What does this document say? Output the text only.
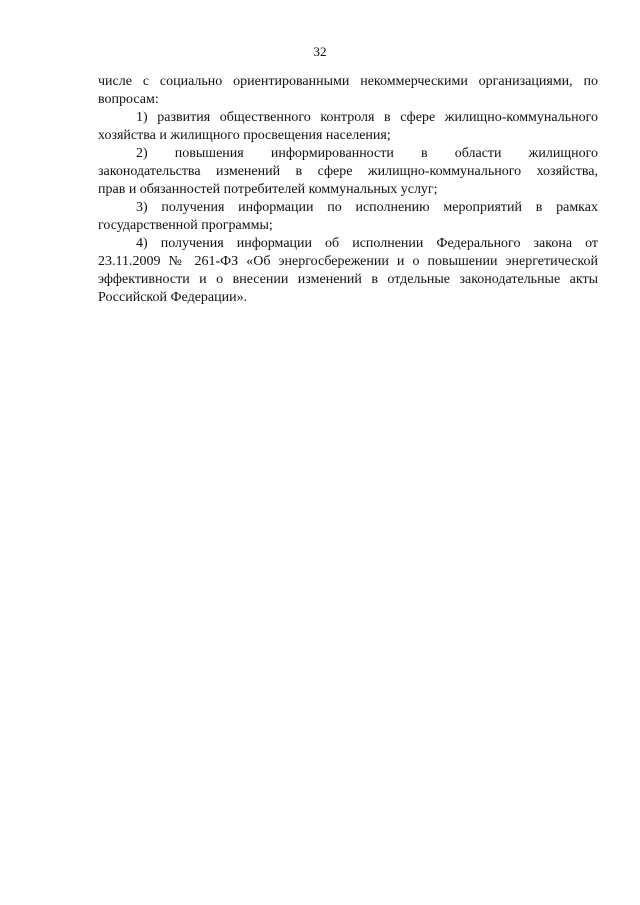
32
числе с социально ориентированными некоммерческими организациями, по
вопросам:
1) развития общественного контроля в сфере жилищно-коммунального
хозяйства и жилищного просвещения населения;
2) повышения информированности в области жилищного
законодательства изменений в сфере жилищно-коммунального хозяйства,
прав и обязанностей потребителей коммунальных услуг;
3) получения информации по исполнению мероприятий в рамках
государственной программы;
4) получения информации об исполнении Федерального закона от
23.11.2009 № 261-ФЗ «Об энергосбережении и о повышении энергетической
эффективности и о внесении изменений в отдельные законодательные акты
Российской Федерации».
